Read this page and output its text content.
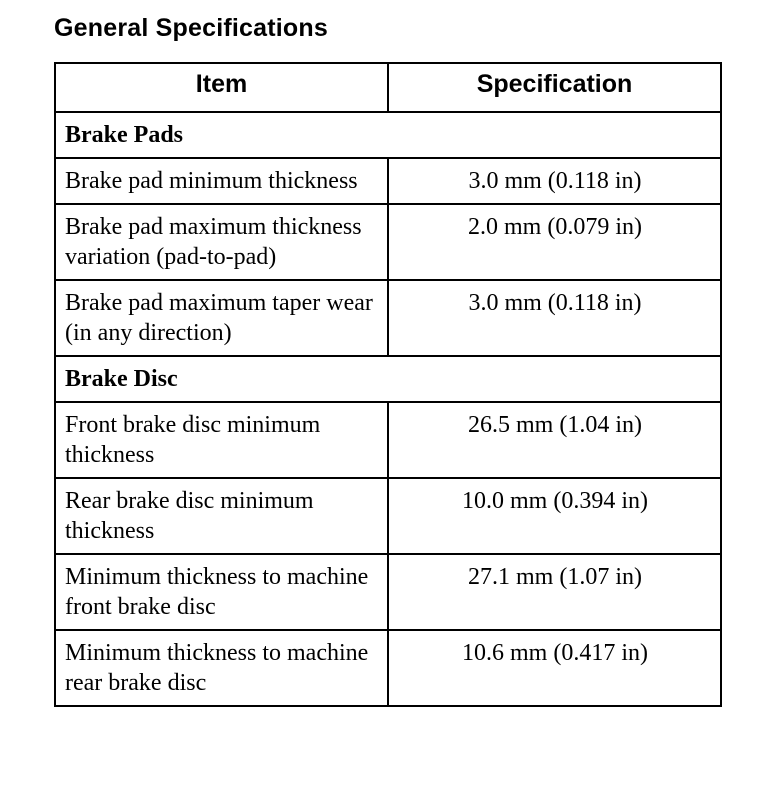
General Specifications
Item	Specification
Brake Pads	
Brake pad minimum thickness	3.0 mm (0.118 in)
Brake pad maximum thickness variation (pad-to-pad)	2.0 mm (0.079 in)
Brake pad maximum taper wear (in any direction)	3.0 mm (0.118 in)
Brake Disc	
Front brake disc minimum thickness	26.5 mm (1.04 in)
Rear brake disc minimum thickness	10.0 mm (0.394 in)
Minimum thickness to machine front brake disc	27.1 mm (1.07 in)
Minimum thickness to machine rear brake disc	10.6 mm (0.417 in)
